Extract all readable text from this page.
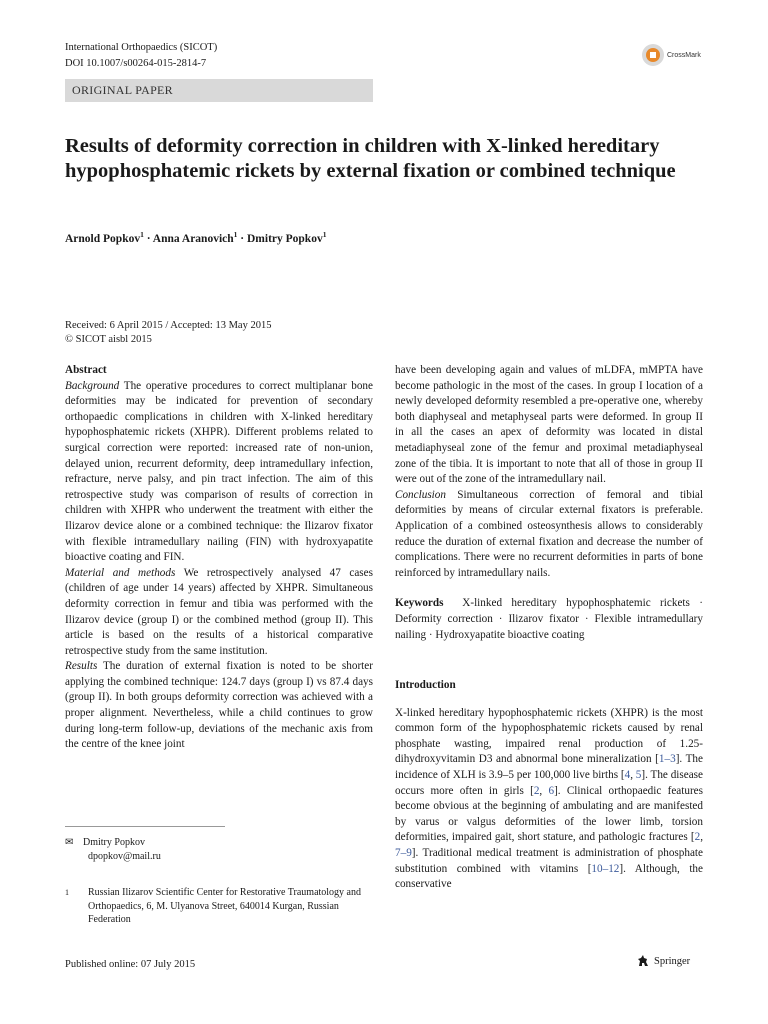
International Orthopaedics (SICOT)
DOI 10.1007/s00264-015-2814-7
CrossMark
ORIGINAL PAPER
Results of deformity correction in children with X-linked hereditary hypophosphatemic rickets by external fixation or combined technique
Arnold Popkov$^1$ · Anna Aranovich$^1$ · Dmitry Popkov$^1$
Received: 6 April 2015 / Accepted: 13 May 2015
© SICOT aisbl 2015

Abstract

Background The operative procedures to correct multiplanar bone deformities may be indicated for prevention of secondary orthopaedic complications in children with X-linked hereditary hypophosphatemic rickets (XHPR). Different problems related to surgical correction were reported: increased rate of non-union, delayed union, recurrent deformity, deep intramedullary infection, refracture, nerve palsy, and pin tract infection. The aim of this retrospective study was comparison of results of correction in children with XHPR who underwent the treatment with either the Ilizarov device alone or a combined technique: the Ilizarov fixator with flexible intramedullary nailing (FIN) with hydroxyapatite bioactive coating and FIN.

Material and methods We retrospectively analysed 47 cases (children of age under 14 years) affected by XHPR. Simultaneous deformity correction in femur and tibia was performed with the Ilizarov device (group I) or the combined method (group II). This article is based on the results of a historical comparative retrospective study from the same institution.

Results The duration of external fixation is noted to be shorter applying the combined technique: 124.7 days (group I) vs 87.4 days (group II). In both groups deformity correction was achieved with a proper alignment. Nevertheless, while a child continues to grow during long-term follow-up, deviations of the mechanic axis from the centre of the knee joint

have been developing again and values of mLDFA, mMPTA have become pathologic in the most of the cases. In group I location of a newly developed deformity resembled a pre-operative one, whereby both diaphyseal and metaphyseal parts were deformed. In group II in all the cases an apex of deformity was located in distal metadiaphyseal zone of the femur and proximal metadiaphyseal zone of the tibia. It is important to note that all of those in group II were out of the zone of the intramedullary nail.

Conclusion Simultaneous correction of femoral and tibial deformities by means of circular external fixators is preferable. Application of a combined osteosynthesis allows to considerably reduce the duration of external fixation and decrease the number of complications. There were no recurrent deformities in parts of bone reinforced by intramedullary nails.

Keywords X-linked hereditary hypophosphatemic rickets · Deformity correction · Ilizarov fixator · Flexible intramedullary nailing · Hydroxyapatite bioactive coating

Introduction

X-linked hereditary hypophosphatemic rickets (XHPR) is the most common form of the hypophosphatemic rickets caused by renal phosphate wasting, impaired renal production of 1.25-dihydroxyvitamin D3 and abnormal bone mineralization [1–3]. The incidence of XLH is 3.9–5 per 100,000 live births [4, 5]. The disease occurs more often in girls [2, 6]. Clinical orthopaedic features become obvious at the beginning of ambulating and are manifested by varus or valgus deformities of the lower limb, torsion deformities, impaired gait, short stature, and pathologic fractures [2, 7–9]. Traditional medical treatment is administration of phosphate substitution combined with vitamins [10–12]. Although, the conservative

✉ Dmitry Popkov
dpopkov@mail.ru
1	Russian Ilizarov Scientific Center for Restorative Traumatology and Orthopaedics, 6, M. Ulyanova Street, 640014 Kurgan, Russian Federation
Published online: 07 July 2015	Springer
